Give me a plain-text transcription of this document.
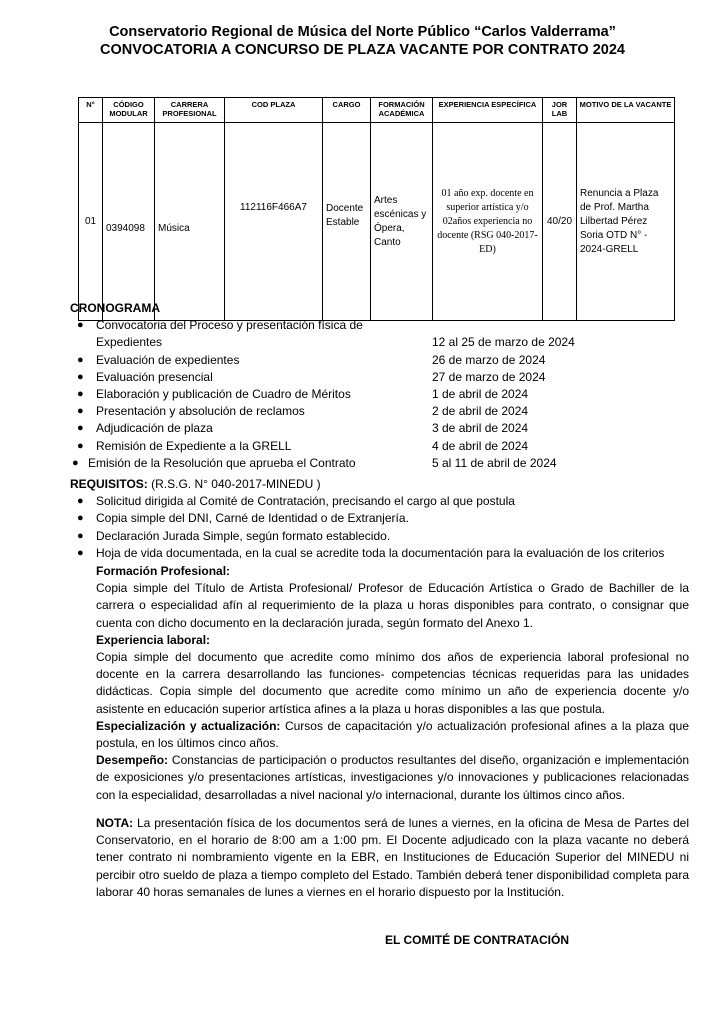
Conservatorio Regional de Música del Norte Público “Carlos Valderrama”
CONVOCATORIA A CONCURSO DE PLAZA VACANTE POR CONTRATO 2024
N°	CÓDIGO MODULAR	CARRERA PROFESIONAL	COD PLAZA	CARGO	FORMACIÓN ACADÉMICA	EXPERIENCIA ESPECÍFICA	JOR LAB	MOTIVO DE LA VACANTE
01	0394098	Música	112116F466A7	Docente Estable	Artes escénicas y Ópera, Canto	01 año exp. docente en superior artística y/o 02años experiencia no docente (RSG 040-2017-ED)	40/20	Renuncia a Plaza de Prof. Martha Lilbertad Pérez Soria OTD N° - 2024-GRELL
CRONOGRAMA
● Convocatoria del Proceso y presentación física de
Expedientes	12 al 25 de marzo de 2024
● Evaluación de expedientes	26 de marzo de 2024
● Evaluación presencial	27 de marzo de 2024
● Elaboración y publicación de Cuadro de Méritos	1 de abril de 2024
● Presentación y absolución de reclamos	2 de abril de 2024
● Adjudicación de plaza	3 de abril de 2024
● Remisión de Expediente a la GRELL	4 de abril de 2024
● Emisión de la Resolución que aprueba el Contrato	5 al 11 de abril de 2024
REQUISITOS: (R.S.G. N° 040-2017-MINEDU )
● Solicitud dirigida al Comité de Contratación, precisando el cargo al que postula
● Copia simple del DNI, Carné de Identidad o de Extranjería.
● Declaración Jurada Simple, según formato establecido.
● Hoja de vida documentada, en la cual se acredite toda la documentación para la evaluación de los criterios

Formación Profesional:

Copia simple del Título de Artista Profesional/ Profesor de Educación Artística o Grado de Bachiller de la carrera o especialidad afín al requerimiento de la plaza u horas disponibles para contrato, o consignar que cuenta con dicho documento en la declaración jurada, según formato del Anexo 1.

Experiencia laboral:

Copia simple del documento que acredite como mínimo dos años de experiencia laboral profesional no docente en la carrera desarrollando las funciones- competencias técnicas requeridas para las unidades didácticas. Copia simple del documento que acredite como mínimo un año de experiencia docente y/o asistente en educación superior artística afines a la plaza u horas disponibles a las que postula.

Especialización y actualización: Cursos de capacitación y/o actualización profesional afines a la plaza que postula, en los últimos cinco años.

Desempeño: Constancias de participación o productos resultantes del diseño, organización e implementación de exposiciones y/o presentaciones artísticas, investigaciones y/o innovaciones y publicaciones relacionadas con la especialidad, desarrolladas a nivel nacional y/o internacional, durante los últimos cinco años.

NOTA: La presentación física de los documentos será de lunes a viernes, en la oficina de Mesa de Partes del Conservatorio, en el horario de 8:00 am a 1:00 pm. El Docente adjudicado con la plaza vacante no deberá tener contrato ni nombramiento vigente en la EBR, en Instituciones de Educación Superior del MINEDU ni percibir otro sueldo de plaza a tiempo completo del Estado. También deberá tener disponibilidad completa para laborar 40 horas semanales de lunes a viernes en el horario dispuesto por la Institución.
EL COMITÉ DE CONTRATACIÓN
